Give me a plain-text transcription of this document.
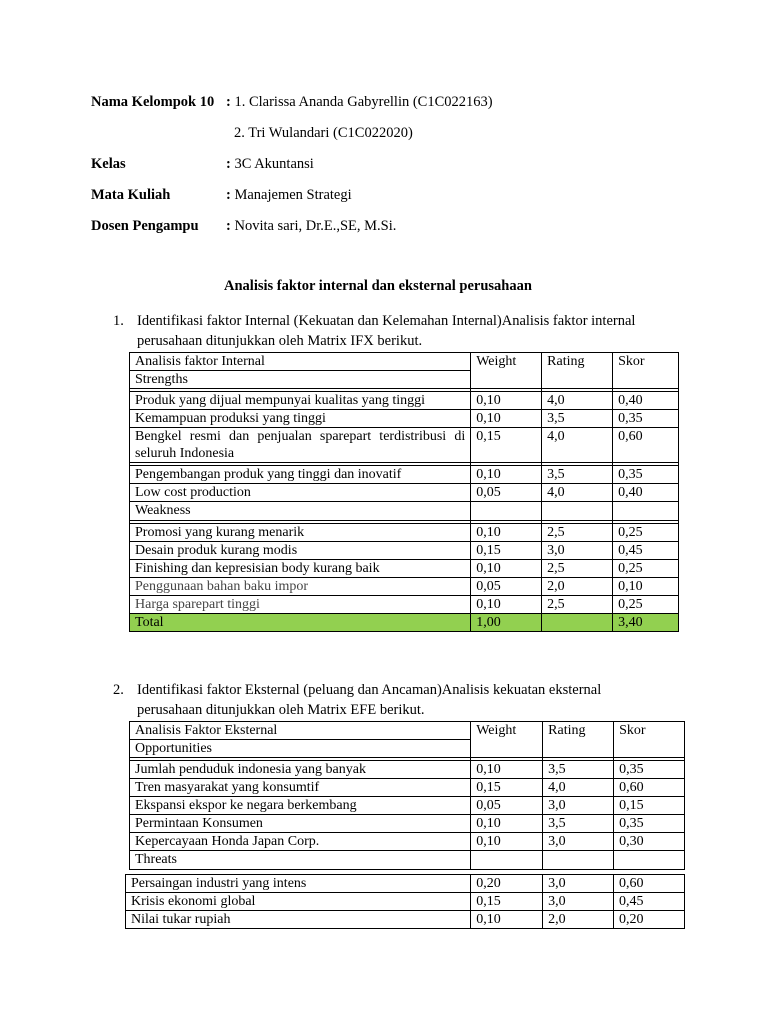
Nama Kelompok 10 : 1. Clarissa Ananda Gabyrellin (C1C022163)
2. Tri Wulandari (C1C022020)
Kelas	: 3C Akuntansi
Mata Kuliah	: Manajemen Strategi
Dosen Pengampu : Novita sari, Dr.E.,SE, M.Si.
Analisis faktor internal dan eksternal perusahaan
1. Identifikasi faktor Internal (Kekuatan dan Kelemahan Internal)Analisis faktor internal perusahaan ditunjukkan oleh Matrix IFX berikut.
Analisis faktor Internal	Weight	Rating	Skor
Strengths			

Produk yang dijual mempunyai kualitas yang tinggi	0,10	4,0	0,40
Kemampuan produksi yang tinggi	0,10	3,5	0,35
Bengkel resmi dan penjualan sparepart terdistribusi di seluruh Indonesia	0,15	4,0	0,60

Pengembangan produk yang tinggi dan inovatif	0,10	3,5	0,35
Low cost production	0,05	4,0	0,40
Weakness			

Promosi yang kurang menarik	0,10	2,5	0,25
Desain produk kurang modis	0,15	3,0	0,45
Finishing dan kepresisian body kurang baik	0,10	2,5	0,25
Penggunaan bahan baku impor	0,05	2,0	0,10
Harga sparepart tinggi	0,10	2,5	0,25
Total	1,00		3,40
2. Identifikasi faktor Eksternal (peluang dan Ancaman)Analisis kekuatan eksternal perusahaan ditunjukkan oleh Matrix EFE berikut.
Analisis Faktor Eksternal	Weight	Rating	Skor
Opportunities			

Jumlah penduduk indonesia yang banyak	0,10	3,5	0,35
Tren masyarakat yang konsumtif	0,15	4,0	0,60
Ekspansi ekspor ke negara berkembang	0,05	3,0	0,15
Permintaan Konsumen	0,10	3,5	0,35
Kepercayaan Honda Japan Corp.	0,10	3,0	0,30
Threats			
Persaingan industri yang intens	0,20	3,0	0,60
Krisis ekonomi global	0,15	3,0	0,45
Nilai tukar rupiah	0,10	2,0	0,20
